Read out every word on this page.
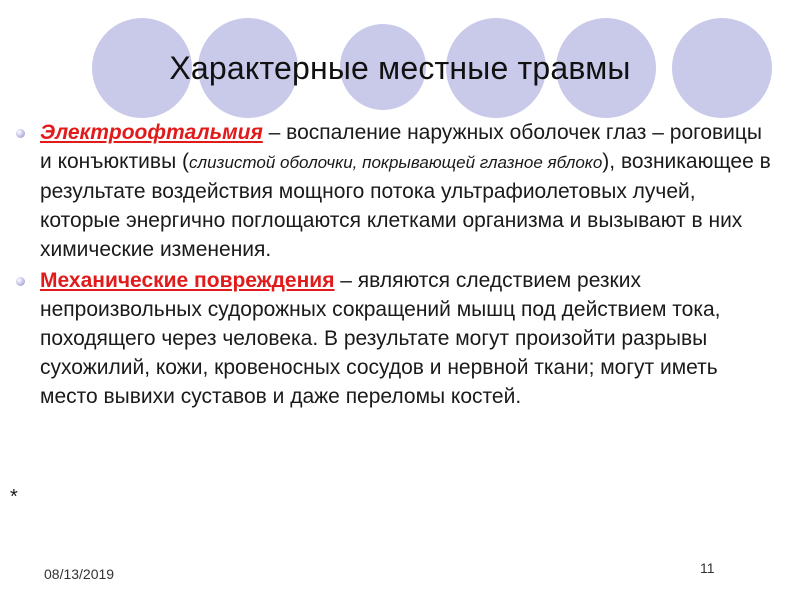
Характерные местные травмы
Электроофтальмия – воспаление наружных оболочек глаз – роговицы и конъюктивы (слизистой оболочки, покрывающей глазное яблоко), возникающее в результате воздействия мощного потока ультрафиолетовых лучей, которые энергично поглощаются клетками организма и вызывают в них химические изменения.
Механические повреждения – являются следствием резких непроизвольных судорожных сокращений мышц под действием тока, походящего через человека. В результате могут произойти разрывы сухожилий, кожи, кровеносных сосудов и нервной ткани; могут иметь место вывихи суставов и даже переломы костей.
*
08/13/2019	11
